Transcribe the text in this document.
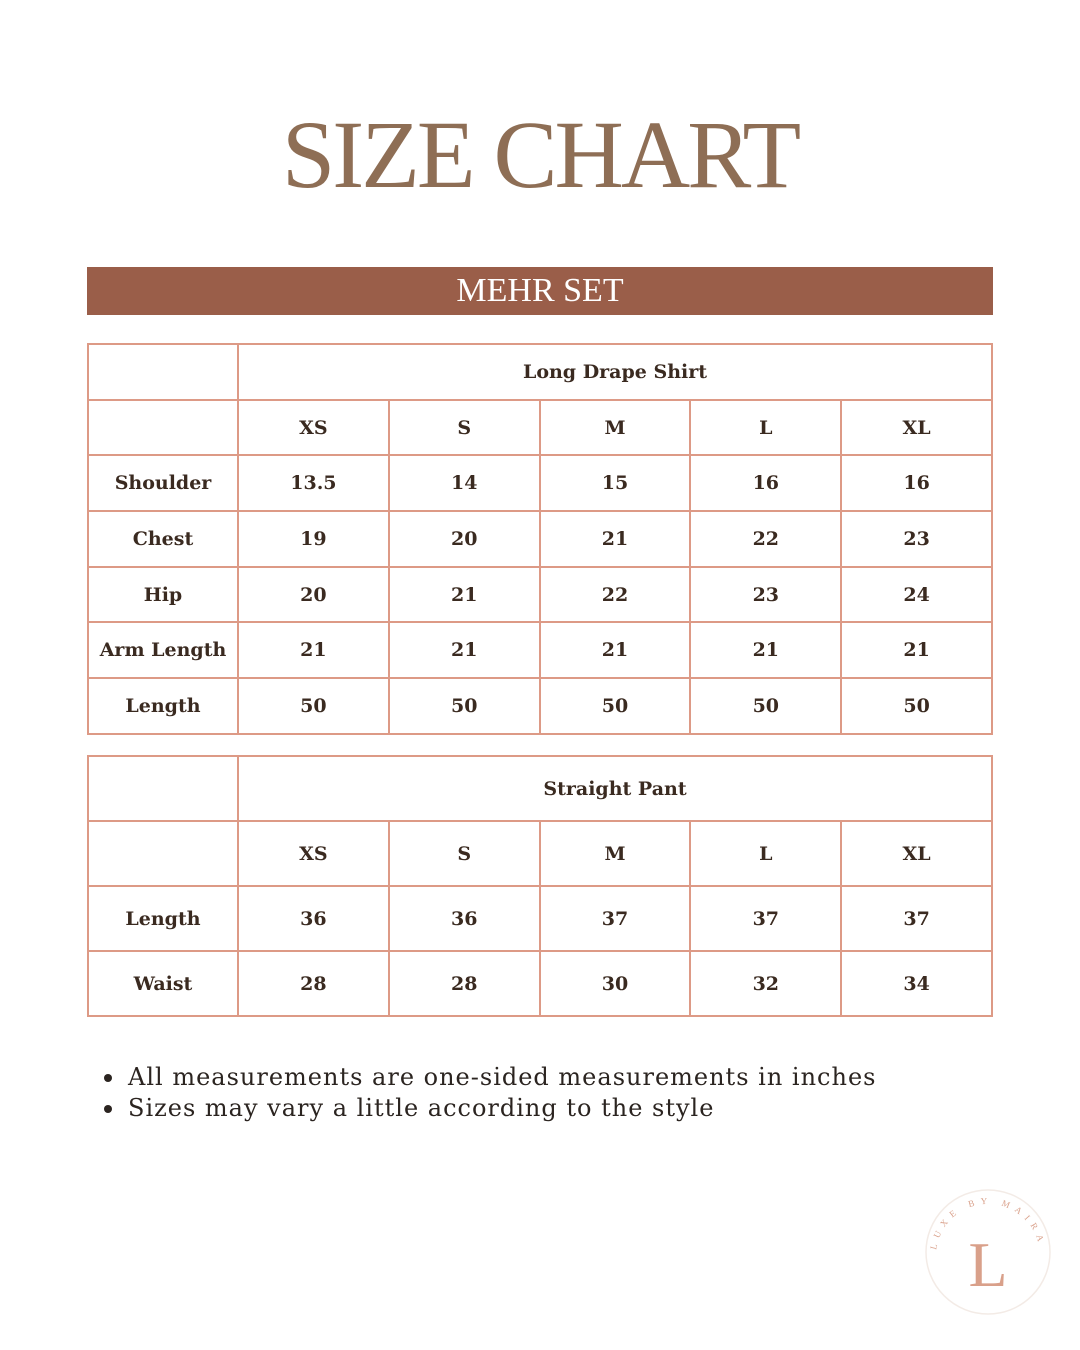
SIZE CHART
MEHR SET
	Long Drape Shirt				
	XS	S	M	L	XL
Shoulder	13.5	14	15	16	16
Chest	19	20	21	22	23
Hip	20	21	22	23	24
Arm Length	21	21	21	21	21
Length	50	50	50	50	50
	Straight Pant				
	XS	S	M	L	XL
Length	36	36	37	37	37
Waist	28	28	30	32	34
All measurements are one-sided measurements in inches
Sizes may vary a little according to the style
LUXE BY MAIRA
L
